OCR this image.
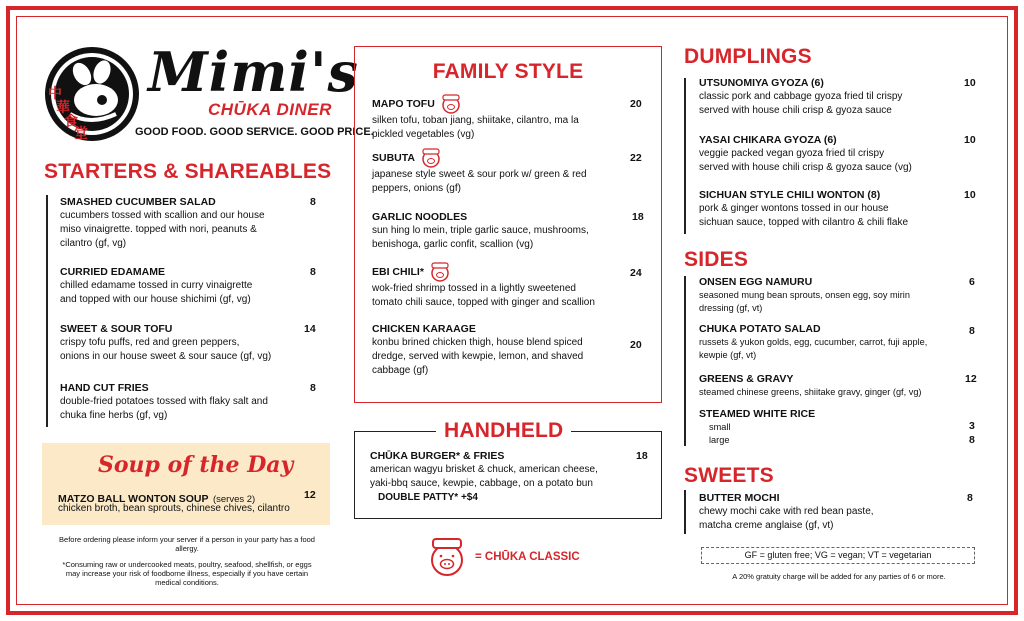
中
華
食
堂
Mimi's
CHŪKA DINER
GOOD FOOD. GOOD SERVICE. GOOD PRICE.
STARTERS & SHAREABLES
SMASHED CUCUMBER SALAD
cucumbers tossed with scallion and our house
miso vinaigrette. topped with nori, peanuts &
cilantro (gf, vg)
8
CURRIED EDAMAME
chilled edamame tossed in curry vinaigrette
and topped with our house shichimi (gf, vg)
8
SWEET & SOUR TOFU
crispy tofu puffs, red and green peppers,
onions in our house sweet & sour sauce (gf, vg)
14
HAND CUT FRIES
double-fried potatoes tossed with flaky salt and
chuka fine herbs (gf, vg)
8
Soup of the Day
MATZO BALL WONTON SOUP (serves 2)	12
chicken broth, bean sprouts, chinese chives, cilantro
Before ordering please inform your server if a person in your party has a food
allergy.
*Consuming raw or undercooked meats, poultry, seafood, shellfish, or eggs
may increase your risk of foodborne illness, especially if you have certain
medical conditions.
FAMILY STYLE
MAPO TOFU
silken tofu, toban jiang, shiitake, cilantro, ma la
pickled vegetables (vg)
20
SUBUTA
japanese style sweet & sour pork w/ green & red
peppers, onions (gf)
22
GARLIC NOODLES
sun hing lo mein, triple garlic sauce, mushrooms,
benishoga, garlic confit, scallion (vg)
18
EBI CHILI*
wok-fried shrimp tossed in a lightly sweetened
tomato chili sauce, topped with ginger and scallion
24
CHICKEN KARAAGE
konbu brined chicken thigh, house blend spiced
dredge, served with kewpie, lemon, and shaved
cabbage (gf)
20
HANDHELD
CHŪKA BURGER* & FRIES
american wagyu brisket & chuck, american cheese,
yaki-bbq sauce, kewpie, cabbage, on a potato bun
DOUBLE PATTY* +$4
18
= CHŪKA CLASSIC
DUMPLINGS
UTSUNOMIYA GYOZA (6)
classic pork and cabbage gyoza fried til crispy
served with house chili crisp & gyoza sauce
10
YASAI CHIKARA GYOZA (6)
veggie packed vegan gyoza fried til crispy
served with house chili crisp & gyoza sauce (vg)
10
SICHUAN STYLE CHILI WONTON (8)
pork & ginger wontons tossed in our house
sichuan sauce, topped with cilantro & chili flake
10
SIDES
ONSEN EGG NAMURU
seasoned mung bean sprouts, onsen egg, soy mirin
dressing (gf, vt)
6
CHUKA POTATO SALAD
russets & yukon golds, egg, cucumber, carrot, fuji apple,
kewpie (gf, vt)
8
GREENS & GRAVY
steamed chinese greens, shiitake gravy, ginger (gf, vg)
12
STEAMED WHITE RICE
small
large
3
8
SWEETS
BUTTER MOCHI
chewy mochi cake with red bean paste,
matcha creme anglaise (gf, vt)
8
GF = gluten free; VG = vegan; VT = vegetarian
A 20% gratuity charge will be added for any parties of 6 or more.
